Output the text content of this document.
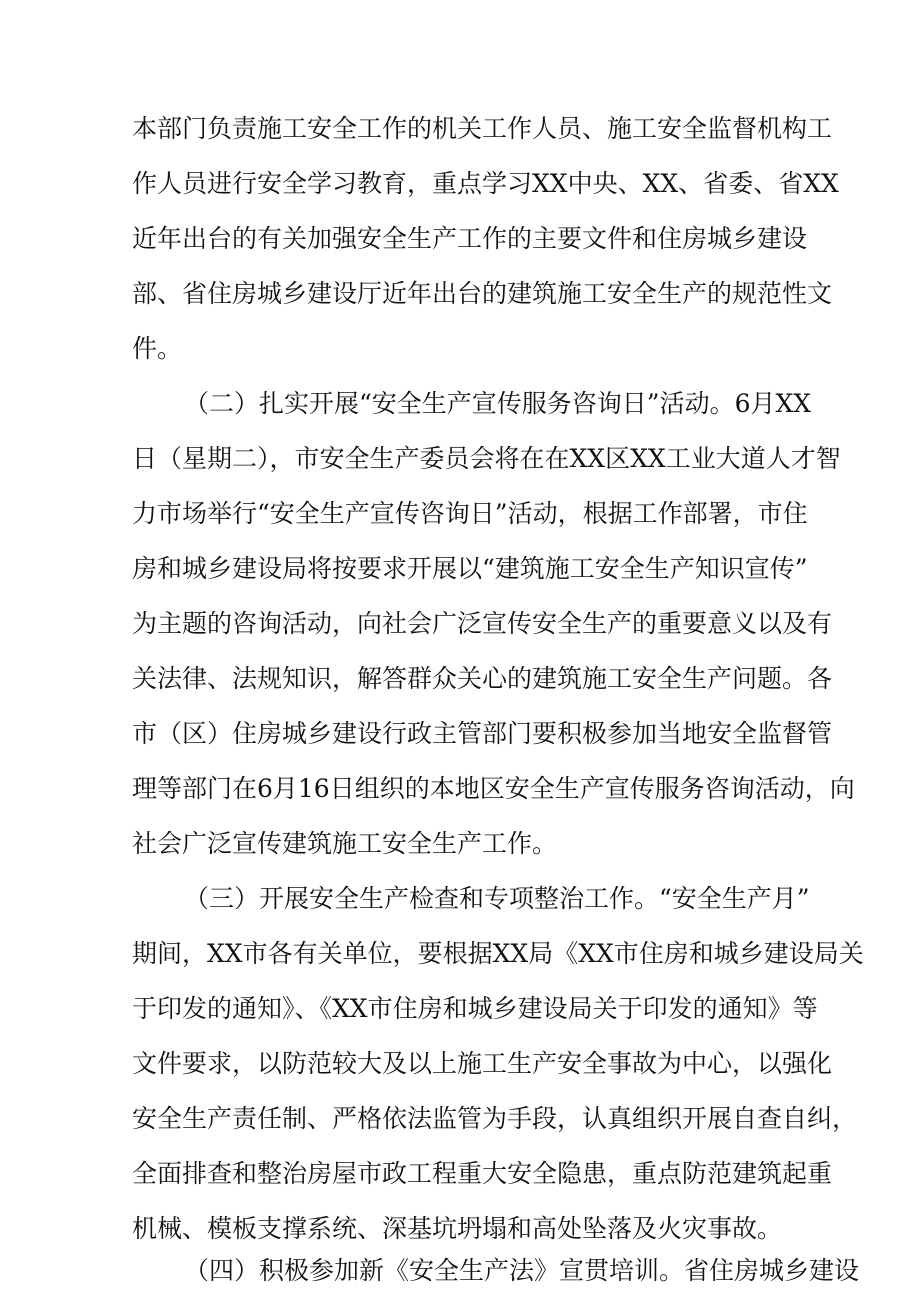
本部门负责施工安全工作的机关工作人员、施工安全监督机构工

作人员进行安全学习教育，重点学习XX中央、XX、省委、省XX

近年出台的有关加强安全生产工作的主要文件和住房城乡建设

部、省住房城乡建设厅近年出台的建筑施工安全生产的规范性文

件。

（二）扎实开展“安全生产宣传服务咨询日”活动。6月XX

日（星期二），市安全生产委员会将在在XX区XX工业大道人才智

力市场举行“安全生产宣传咨询日”活动，根据工作部署，市住

房和城乡建设局将按要求开展以“建筑施工安全生产知识宣传”

为主题的咨询活动，向社会广泛宣传安全生产的重要意义以及有

关法律、法规知识，解答群众关心的建筑施工安全生产问题。各

市（区）住房城乡建设行政主管部门要积极参加当地安全监督管

理等部门在6月16日组织的本地区安全生产宣传服务咨询活动，向

社会广泛宣传建筑施工安全生产工作。

（三）开展安全生产检查和专项整治工作。“安全生产月”

期间，XX市各有关单位，要根据XX局《XX市住房和城乡建设局关

于印发的通知》、《XX市住房和城乡建设局关于印发的通知》等

文件要求，以防范较大及以上施工生产安全事故为中心，以强化

安全生产责任制、严格依法监管为手段，认真组织开展自查自纠，

全面排查和整治房屋市政工程重大安全隐患，重点防范建筑起重

机械、模板支撑系统、深基坑坍塌和高处坠落及火灾事故。

（四）积极参加新《安全生产法》宣贯培训。省住房城乡建设
